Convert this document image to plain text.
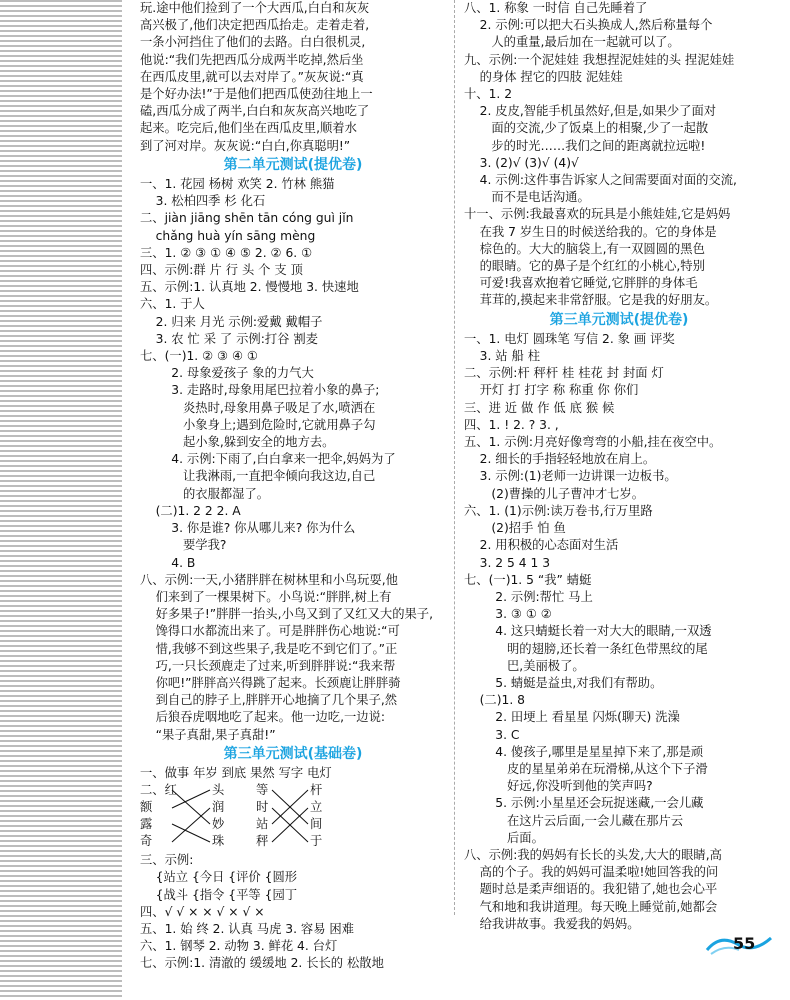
玩.途中他们捡到了一个大西瓜,白白和灰灰
高兴极了,他们决定把西瓜抬走。走着走着,
一条小河挡住了他们的去路。白白很机灵,
他说:“我们先把西瓜分成两半吃掉,然后坐
在西瓜皮里,就可以去对岸了。”灰灰说:“真
是个好办法!”于是他们把西瓜使劲往地上一
磕,西瓜分成了两半,白白和灰灰高兴地吃了
起来。吃完后,他们坐在西瓜皮里,顺着水
到了河对岸。灰灰说:“白白,你真聪明!”
第二单元测试(提优卷)
一、1. 花园 杨树 欢笑 2. 竹林 熊猫
3. 松柏四季 杉 化石
二、jiàn jiāng shēn tān cóng guì jǐn
chǎng huà yín sāng mèng
三、1. ② ③ ① ④ ⑤ 2. ② 6. ①
四、示例:群 片 行 头 个 支 顶
五、示例:1. 认真地 2. 慢慢地 3. 快速地
六、1. 于人
2. 归来 月光 示例:爱戴 戴帽子
3. 农 忙 采 了 示例:打谷 割麦
七、(一)1. ② ③ ④ ①
2. 母象爱孩子 象的力气大
3. 走路时,母象用尾巴拉着小象的鼻子;
炎热时,母象用鼻子吸足了水,喷洒在
小象身上;遇到危险时,它就用鼻子勾
起小象,躲到安全的地方去。
4. 示例:下雨了,白白拿来一把伞,妈妈为了
让我淋雨,一直把伞倾向我这边,自己
的衣服都湿了。
(二)1. 2 2 2. A
3. 你是谁? 你从哪儿来? 你为什么
要学我?
4. B
八、示例:一天,小猪胖胖在树林里和小鸟玩耍,他
们来到了一棵果树下。小鸟说:“胖胖,树上有
好多果子!”胖胖一抬头,小鸟又到了又红又大的果子,
馋得口水都流出来了。可是胖胖伤心地说:“可
惜,我够不到这些果子,我是吃不到它们了。”正
巧,一只长颈鹿走了过来,听到胖胖说:“我来帮
你吧!”胖胖高兴得跳了起来。长颈鹿让胖胖骑
到自己的脖子上,胖胖开心地摘了几个果子,然
后狼吞虎咽地吃了起来。他一边吃,一边说:
“果子真甜,果子真甜!”
第三单元测试(基础卷)
一、做事 年岁 到底 果然 写字 电灯
二、红
额
露
奇
头
润
妙
珠
等
时
站
秤
杆
立
间
于
三、示例:
{站立 {今日 {评价 {圆形
{战斗 {指令 {平等 {园丁
四、√ √ × × √ × √ ×
五、1. 始 终 2. 认真 马虎 3. 容易 困难
六、1. 钢琴 2. 动物 3. 鲜花 4. 台灯
七、示例:1. 清澈的 缓缓地 2. 长长的 松散地
八、1. 称象 一时信 自己先睡着了
2. 示例:可以把大石头换成人,然后称量每个
人的重量,最后加在一起就可以了。
九、示例:一个泥娃娃 我想捏泥娃娃的头 捏泥娃娃
的身体 捏它的四肢 泥娃娃
十、1. 2
2. 皮皮,智能手机虽然好,但是,如果少了面对
面的交流,少了饭桌上的相聚,少了一起散
步的时光……我们之间的距离就拉远啦!
3. (2)√ (3)√ (4)√
4. 示例:这件事告诉家人之间需要面对面的交流,
而不是电话沟通。
十一、示例:我最喜欢的玩具是小熊娃娃,它是妈妈
在我 7 岁生日的时候送给我的。它的身体是
棕色的。大大的脑袋上,有一双圆圆的黑色
的眼睛。它的鼻子是个红红的小桃心,特别
可爱!我喜欢抱着它睡觉,它胖胖的身体毛
茸茸的,摸起来非常舒服。它是我的好朋友。
第三单元测试(提优卷)
一、1. 电灯 圆珠笔 写信 2. 象 画 评奖
3. 站 船 柱
二、示例:杆 秤杆 桂 桂花 封 封面 灯
开灯 打 打字 称 称重 你 你们
三、进 近 做 作 低 底 猴 候
四、1. ! 2. ? 3. ,
五、1. 示例:月亮好像弯弯的小船,挂在夜空中。
2. 细长的手指轻轻地放在肩上。
3. 示例:(1)老师一边讲课一边板书。
(2)曹操的儿子曹冲才七岁。
六、1. (1)示例:读万卷书,行万里路
(2)招手 怕 鱼
2. 用积极的心态面对生活
3. 2 5 4 1 3
七、(一)1. 5 “我” 蜻蜓
2. 示例:帮忙 马上
3. ③ ① ②
4. 这只蜻蜓长着一对大大的眼睛,一双透
明的翅膀,还长着一条红色带黑纹的尾
巴,美丽极了。
5. 蜻蜓是益虫,对我们有帮助。
(二)1. 8
2. 田埂上 看星星 闪烁(聊天) 洗澡
3. C
4. 傻孩子,哪里是星星掉下来了,那是顽
皮的星星弟弟在玩滑梯,从这个下子滑
好远,你没听到他的笑声吗?
5. 示例:小星星还会玩捉迷藏,一会儿藏
在这片云后面,一会儿藏在那片云
后面。
八、示例:我的妈妈有长长的头发,大大的眼睛,高
高的个子。我的妈妈可温柔啦!她回答我的问
题时总是柔声细语的。我犯错了,她也会心平
气和地和我讲道理。每天晚上睡觉前,她都会
给我讲故事。我爱我的妈妈。
55
